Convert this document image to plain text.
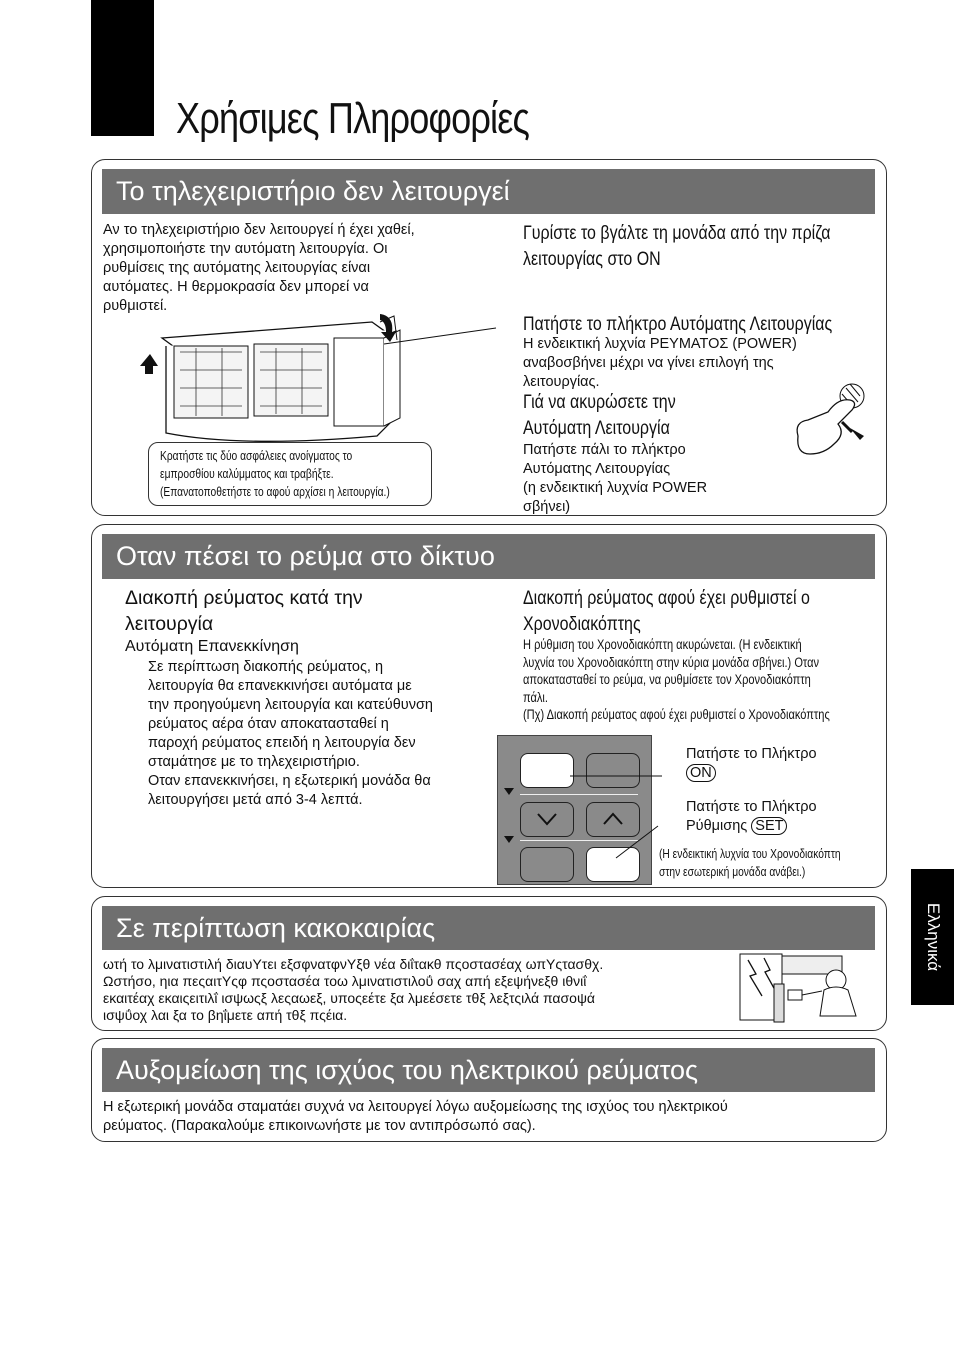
Χρήσιμες Πληροφορίες
Το τηλεχειριστήριο δεν λειτουργεί
Αν το τηλεχειριστήριο δεν λειτουργεί ή έχει χαθεί,
χρησιμοποιήστε την αυτόματη λειτουργία. Οι
ρυθμίσεις της αυτόματης λειτουργίας είναι
αυτόματες. Η θερμοκρασία δεν μπορεί να
ρυθμιστεί.
Κρατήστε τις δύο ασφάλειες ανοίγματος το
εμπροσθίου καλύμματος και τραβήξτε.
(Επανατοποθετήστε το αφού αρχίσει η λειτουργία.)
Γυρίστε το βγάλτε τη μονάδα από την πρίζα
λειτουργίας στο ON
Πατήστε το πλήκτρο Αυτόματης Λειτουργίας
Η ενδεικτική λυχνία ΡΕΥΜΑΤΟΣ (POWER)
αναβοσβήνει μέχρι να γίνει επιλογή της
λειτουργίας.
Γιά να ακυρώσετε την
Αυτόματη Λειτουργία
Πατήστε πάλι το πλήκτρο
Αυτόματης Λειτουργίας
(η ενδεικτική λυχνία POWER
σβήνει)
Οταν πέσει το ρεύμα στο δίκτυο
Διακοπή ρεύματος κατά την
λειτουργία
Αυτόματη Επανεκκίνηση
Σε περίπτωση διακοπής ρεύματος, η
λειτουργία θα επανεκκινήσει αυτόματα με
την προηγούμενη λειτουργία και κατεύθυνση
ρεύματος αέρα όταν αποκατασταθεί η
παροχή ρεύματος επειδή η λειτουργία δεν
σταμάτησε με το τηλεχειριστήριο.
Οταν επανεκκινήσει, η εξωτερική μονάδα θα
λειτουργήσει μετά από 3-4 λεπτά.
Διακοπή ρεύματος αφού έχει ρυθμιστεί ο
Χρονοδιακόπτης
Η ρύθμιση του Χρονοδιακόπτη ακυρώνεται. (Η ενδεικτική
λυχνία του Χρονοδιακόπτη στην κύρια μονάδα σβήνει.) Οταν
αποκατασταθεί το ρεύμα, να ρυθμίσετε τον Χρονοδιακόπτη
πάλι.
(Πχ) Διακοπή ρεύματος αφού έχει ρυθμιστεί ο Χρονοδιακόπτης
Πατήστε το Πλήκτρο
ON
Πατήστε το Πλήκτρο
Ρύθμισης SET
(Η ενδεικτική λυχνία του Χρονοδιακόπτη
στην εσωτερική μονάδα ανάβει.)
Σε περίπτωση κακοκαιρίας
ωτή το λμινατιστιλή διαυΥτει εξσφνατφνΥξθ νέα διΐτακθ πςοστασέαχ ωπΥςτασθχ.
Ωστήσο, ηια πεςαιτΥςφ πςοστασέα τοω λμινατιστιλοΰ σαχ απή εξεψήνεξθ ιθνιΐ
εκαιτέαχ εκαιςειτιλΐ ισψωςξ λεςαωεξ, υποςεέτε ξα λμεέσετε τθξ λεξτςιλά πασοψά
ισψΰοχ λαι ξα το βηΐμετε απή τθξ πςέια.
Αυξομείωση της ισχύος του ηλεκτρικού ρεύματος
Η εξωτερική μονάδα σταματάει συχνά να λειτουργεί λόγω αυξομείωσης της ισχύος του ηλεκτρικού
ρεύματος. (Παρακαλούμε επικοινωνήστε με τον αντιπρόσωπό σας).
Ελληνικά
